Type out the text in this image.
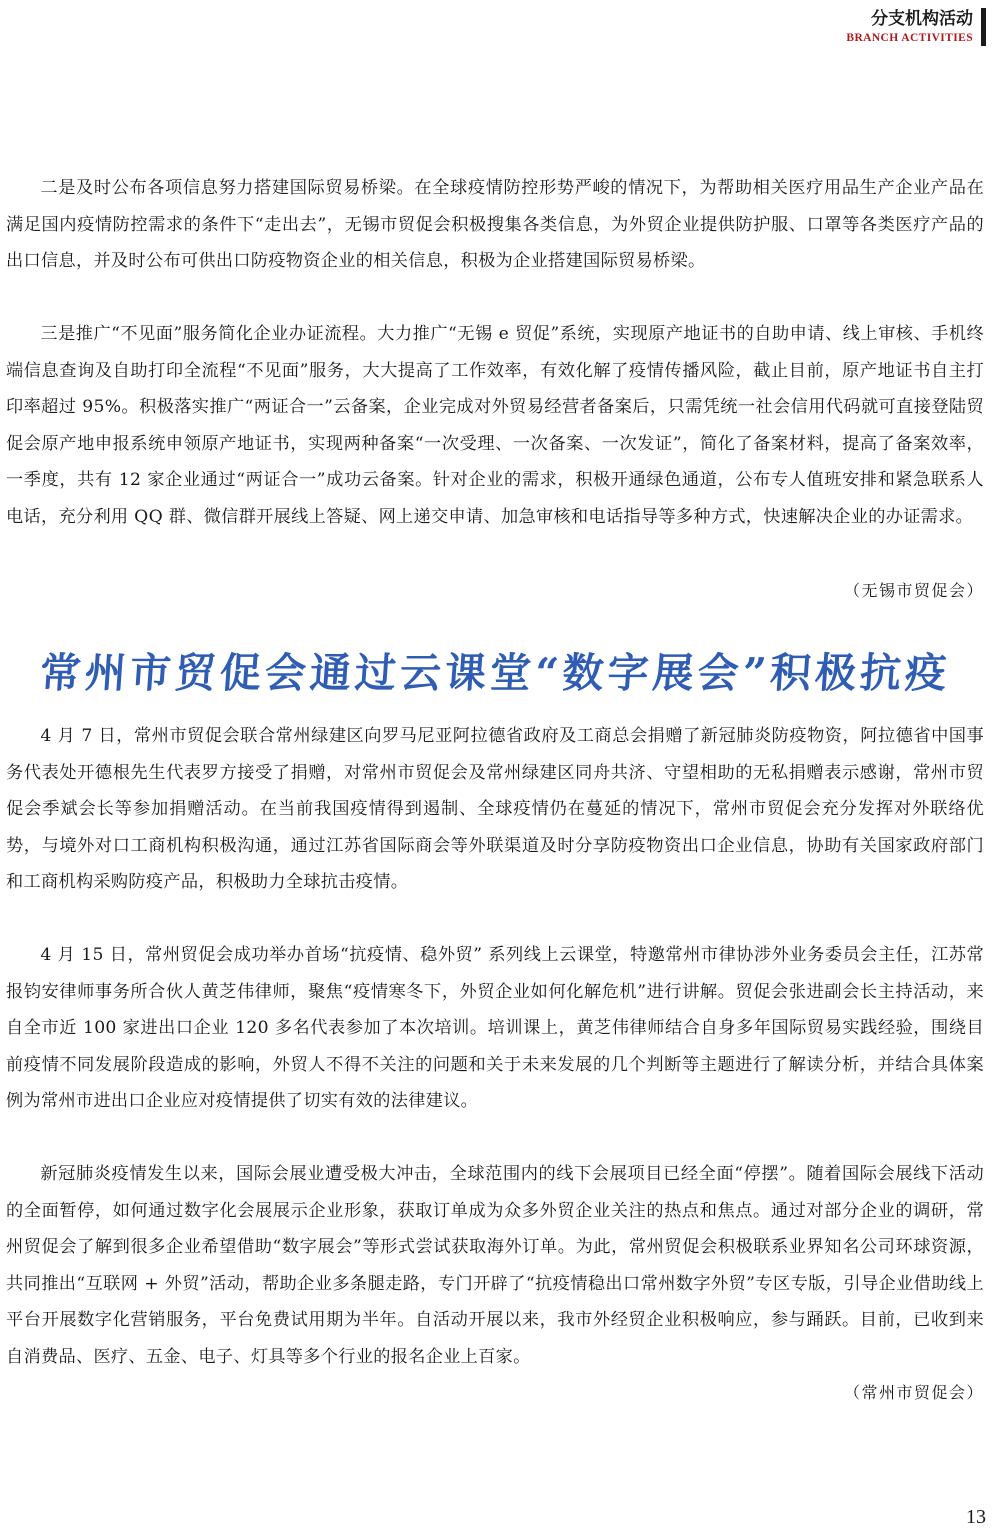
分支机构活动
BRANCH ACTIVITIES

二是及时公布各项信息努力搭建国际贸易桥梁。在全球疫情防控形势严峻的情况下，为帮助相关医疗用品生产企业产品在满足国内疫情防控需求的条件下“走出去”，无锡市贸促会积极搜集各类信息，为外贸企业提供防护服、口罩等各类医疗产品的出口信息，并及时公布可供出口防疫物资企业的相关信息，积极为企业搭建国际贸易桥梁。

三是推广“不见面”服务简化企业办证流程。大力推广“无锡 e 贸促”系统，实现原产地证书的自助申请、线上审核、手机终端信息查询及自助打印全流程“不见面”服务，大大提高了工作效率，有效化解了疫情传播风险，截止目前，原产地证书自主打印率超过 95%。积极落实推广“两证合一”云备案，企业完成对外贸易经营者备案后，只需凭统一社会信用代码就可直接登陆贸促会原产地申报系统申领原产地证书，实现两种备案“一次受理、一次备案、一次发证”，简化了备案材料，提高了备案效率，一季度，共有 12 家企业通过“两证合一”成功云备案。针对企业的需求，积极开通绿色通道，公布专人值班安排和紧急联系人电话，充分利用 QQ 群、微信群开展线上答疑、网上递交申请、加急审核和电话指导等多种方式，快速解决企业的办证需求。

（无锡市贸促会）

常州市贸促会通过云课堂“数字展会”积极抗疫

4 月 7 日，常州市贸促会联合常州绿建区向罗马尼亚阿拉德省政府及工商总会捐赠了新冠肺炎防疫物资，阿拉德省中国事务代表处开德根先生代表罗方接受了捐赠，对常州市贸促会及常州绿建区同舟共济、守望相助的无私捐赠表示感谢，常州市贸促会季斌会长等参加捐赠活动。在当前我国疫情得到遏制、全球疫情仍在蔓延的情况下，常州市贸促会充分发挥对外联络优势，与境外对口工商机构积极沟通，通过江苏省国际商会等外联渠道及时分享防疫物资出口企业信息，协助有关国家政府部门和工商机构采购防疫产品，积极助力全球抗击疫情。

4 月 15 日，常州贸促会成功举办首场“抗疫情、稳外贸” 系列线上云课堂，特邀常州市律协涉外业务委员会主任，江苏常报钧安律师事务所合伙人黄芝伟律师，聚焦“疫情寒冬下，外贸企业如何化解危机”进行讲解。贸促会张进副会长主持活动，来自全市近 100 家进出口企业 120 多名代表参加了本次培训。培训课上，黄芝伟律师结合自身多年国际贸易实践经验，围绕目前疫情不同发展阶段造成的影响，外贸人不得不关注的问题和关于未来发展的几个判断等主题进行了解读分析，并结合具体案例为常州市进出口企业应对疫情提供了切实有效的法律建议。

新冠肺炎疫情发生以来，国际会展业遭受极大冲击，全球范围内的线下会展项目已经全面“停摆”。随着国际会展线下活动的全面暂停，如何通过数字化会展展示企业形象，获取订单成为众多外贸企业关注的热点和焦点。通过对部分企业的调研，常州贸促会了解到很多企业希望借助“数字展会”等形式尝试获取海外订单。为此，常州贸促会积极联系业界知名公司环球资源，共同推出“互联网 + 外贸”活动，帮助企业多条腿走路，专门开辟了“抗疫情稳出口常州数字外贸”专区专版，引导企业借助线上平台开展数字化营销服务，平台免费试用期为半年。自活动开展以来，我市外经贸企业积极响应，参与踊跃。目前，已收到来自消费品、医疗、五金、电子、灯具等多个行业的报名企业上百家。

（常州市贸促会）

13
